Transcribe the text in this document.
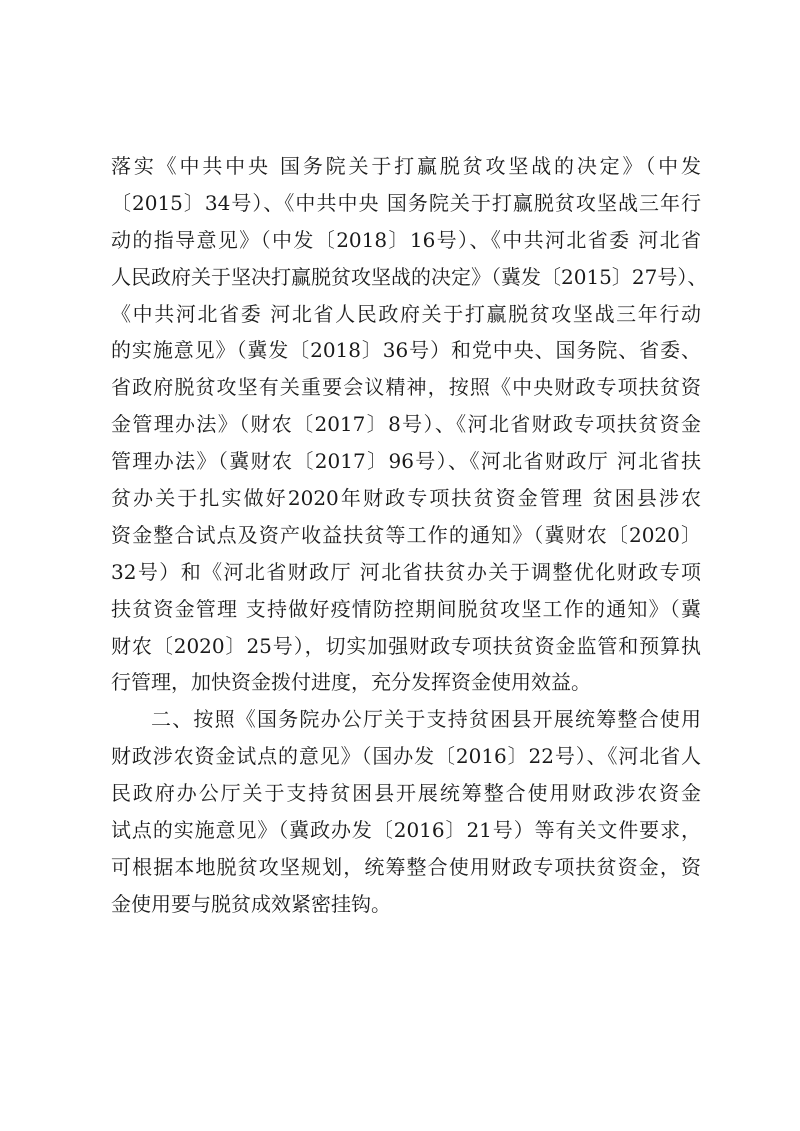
落实《中共中央 国务院关于打赢脱贫攻坚战的决定》（中发
〔2015〕34号）、《中共中央 国务院关于打赢脱贫攻坚战三年行
动的指导意见》（中发〔2018〕16号）、《中共河北省委 河北省
人民政府关于坚决打赢脱贫攻坚战的决定》（冀发〔2015〕27号）、
《中共河北省委 河北省人民政府关于打赢脱贫攻坚战三年行动
的实施意见》（冀发〔2018〕36号）和党中央、国务院、省委、
省政府脱贫攻坚有关重要会议精神，按照《中央财政专项扶贫资
金管理办法》（财农〔2017〕8号）、《河北省财政专项扶贫资金
管理办法》（冀财农〔2017〕96号）、《河北省财政厅 河北省扶
贫办关于扎实做好2020年财政专项扶贫资金管理 贫困县涉农
资金整合试点及资产收益扶贫等工作的通知》（冀财农〔2020〕
32号）和《河北省财政厅 河北省扶贫办关于调整优化财政专项
扶贫资金管理 支持做好疫情防控期间脱贫攻坚工作的通知》（冀
财农〔2020〕25号），切实加强财政专项扶贫资金监管和预算执
行管理，加快资金拨付进度，充分发挥资金使用效益。
二、按照《国务院办公厅关于支持贫困县开展统筹整合使用
财政涉农资金试点的意见》（国办发〔2016〕22号）、《河北省人
民政府办公厅关于支持贫困县开展统筹整合使用财政涉农资金
试点的实施意见》（冀政办发〔2016〕21号）等有关文件要求，
可根据本地脱贫攻坚规划，统筹整合使用财政专项扶贫资金，资
金使用要与脱贫成效紧密挂钩。
